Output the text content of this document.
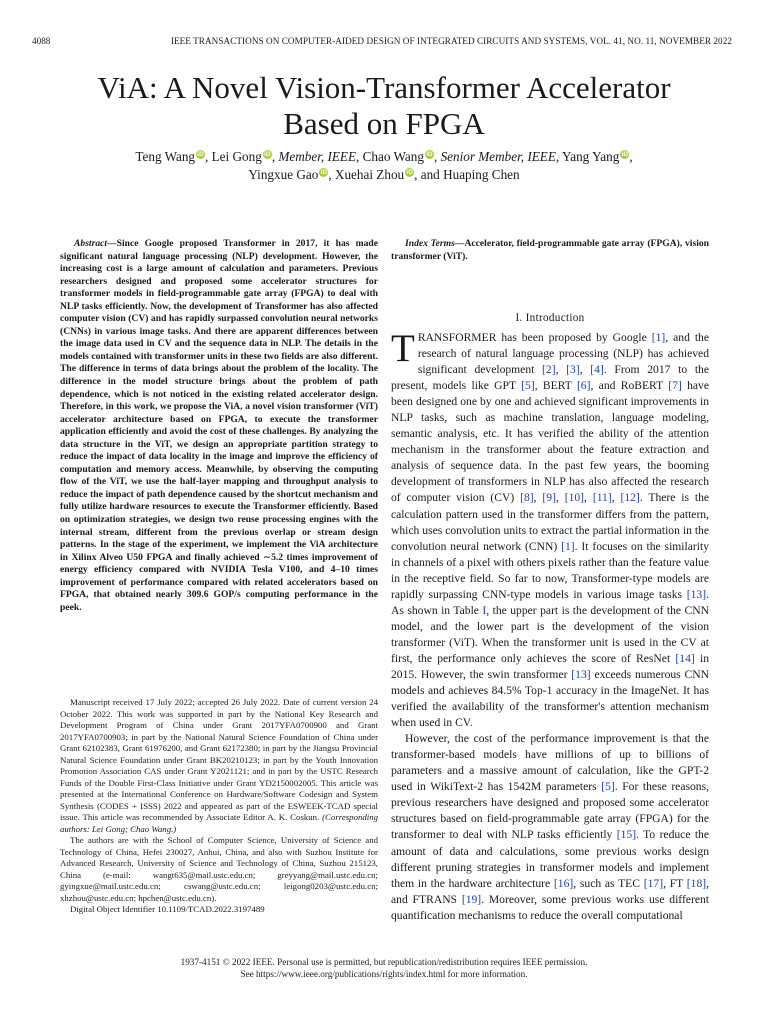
4088	IEEE TRANSACTIONS ON COMPUTER-AIDED DESIGN OF INTEGRATED CIRCUITS AND SYSTEMS, VOL. 41, NO. 11, NOVEMBER 2022
ViA: A Novel Vision-Transformer Accelerator
Based on FPGA
Teng Wang iD, Lei Gong iD, Member, IEEE, Chao Wang iD, Senior Member, IEEE, Yang Yang iD,
Yingxue Gao iD, Xuehai Zhou iD, and Huaping Chen

Abstract—Since Google proposed Transformer in 2017, it has made significant natural language processing (NLP) development. However, the increasing cost is a large amount of calculation and parameters. Previous researchers designed and proposed some accelerator structures for transformer models in field-programmable gate array (FPGA) to deal with NLP tasks efficiently. Now, the development of Transformer has also affected computer vision (CV) and has rapidly surpassed convolution neural networks (CNNs) in various image tasks. And there are apparent differences between the image data used in CV and the sequence data in NLP. The details in the models contained with transformer units in these two fields are also different. The difference in terms of data brings about the problem of the locality. The difference in the model structure brings about the problem of path dependence, which is not noticed in the existing related accelerator design. Therefore, in this work, we propose the ViA, a novel vision transformer (ViT) accelerator architecture based on FPGA, to execute the transformer application efficiently and avoid the cost of these challenges. By analyzing the data structure in the ViT, we design an appropriate partition strategy to reduce the impact of data locality in the image and improve the efficiency of computation and memory access. Meanwhile, by observing the computing flow of the ViT, we use the half-layer mapping and throughput analysis to reduce the impact of path dependence caused by the shortcut mechanism and fully utilize hardware resources to execute the Transformer efficiently. Based on optimization strategies, we design two reuse processing engines with the internal stream, different from the previous overlap or stream design patterns. In the stage of the experiment, we implement the ViA architecture in Xilinx Alveo U50 FPGA and finally achieved ∼5.2 times improvement of energy efficiency compared with NVIDIA Tesla V100, and 4–10 times improvement of performance compared with related accelerators based on FPGA, that obtained nearly 309.6 GOP/s computing performance in the peek.

Manuscript received 17 July 2022; accepted 26 July 2022. Date of current version 24 October 2022. This work was supported in part by the National Key Research and Development Program of China under Grant 2017YFA0700900 and Grant 2017YFA0700903; in part by the National Natural Science Foundation of China under Grant 62102383, Grant 61976200, and Grant 62172380; in part by the Jiangsu Provincial Natural Science Foundation under Grant BK20210123; in part by the Youth Innovation Promotion Association CAS under Grant Y2021121; and in part by the USTC Research Funds of the Double First-Class Initiative under Grant YD2150002005. This article was presented at the International Conference on Hardware/Software Codesign and System Synthesis (CODES + ISSS) 2022 and appeared as part of the ESWEEK-TCAD special issue. This article was recommended by Associate Editor A. K. Coskun. (Corresponding authors: Lei Gong; Chao Wang.)

The authors are with the School of Computer Science, University of Science and Technology of China, Hefei 230027, Anhui, China, and also with Suzhou Institute for Advanced Research, University of Science and Technology of China, Suzhou 215123, China (e-mail: wangt635@mail.ustc.edu.cn; greyyang@mail.ustc.edu.cn; gyingxue@mail.ustc.edu.cn; cswang@ustc.edu.cn; leigong0203@ustc.edu.cn; xhzhou@ustc.edu.cn; hpchen@ustc.edu.cn).

Digital Object Identifier 10.1109/TCAD.2022.3197489

Index Terms—Accelerator, field-programmable gate array (FPGA), vision transformer (ViT).

I. Introduction

TRANSFORMER has been proposed by Google [1], and the research of natural language processing (NLP) has achieved significant development [2], [3], [4]. From 2017 to the present, models like GPT [5], BERT [6], and RoBERT [7] have been designed one by one and achieved significant improvements in NLP tasks, such as machine translation, language modeling, semantic analysis, etc. It has verified the ability of the attention mechanism in the transformer about the feature extraction and analysis of sequence data. In the past few years, the booming development of transformers in NLP has also affected the research of computer vision (CV) [8], [9], [10], [11], [12]. There is the calculation pattern used in the transformer differs from the pattern, which uses convolution units to extract the partial information in the convolution neural network (CNN) [1]. It focuses on the similarity in channels of a pixel with others pixels rather than the feature value in the receptive field. So far to now, Transformer-type models are rapidly surpassing CNN-type models in various image tasks [13]. As shown in Table I, the upper part is the development of the CNN model, and the lower part is the development of the vision transformer (ViT). When the transformer unit is used in the CV at first, the performance only achieves the score of ResNet [14] in 2015. However, the swin transformer [13] exceeds numerous CNN models and achieves 84.5% Top-1 accuracy in the ImageNet. It has verified the availability of the transformer's attention mechanism when used in CV.

However, the cost of the performance improvement is that the transformer-based models have millions of up to billions of parameters and a massive amount of calculation, like the GPT-2 used in WikiText-2 has 1542M parameters [5]. For these reasons, previous researchers have designed and proposed some accelerator structures based on field-programmable gate array (FPGA) for the transformer to deal with NLP tasks efficiently [15]. To reduce the amount of data and calculations, some previous works design different pruning strategies in transformer models and implement them in the hardware architecture [16], such as TEC [17], FT [18], and FTRANS [19]. Moreover, some previous works use different quantification mechanisms to reduce the overall computational

1937-4151 © 2022 IEEE. Personal use is permitted, but republication/redistribution requires IEEE permission.
See https://www.ieee.org/publications/rights/index.html for more information.
